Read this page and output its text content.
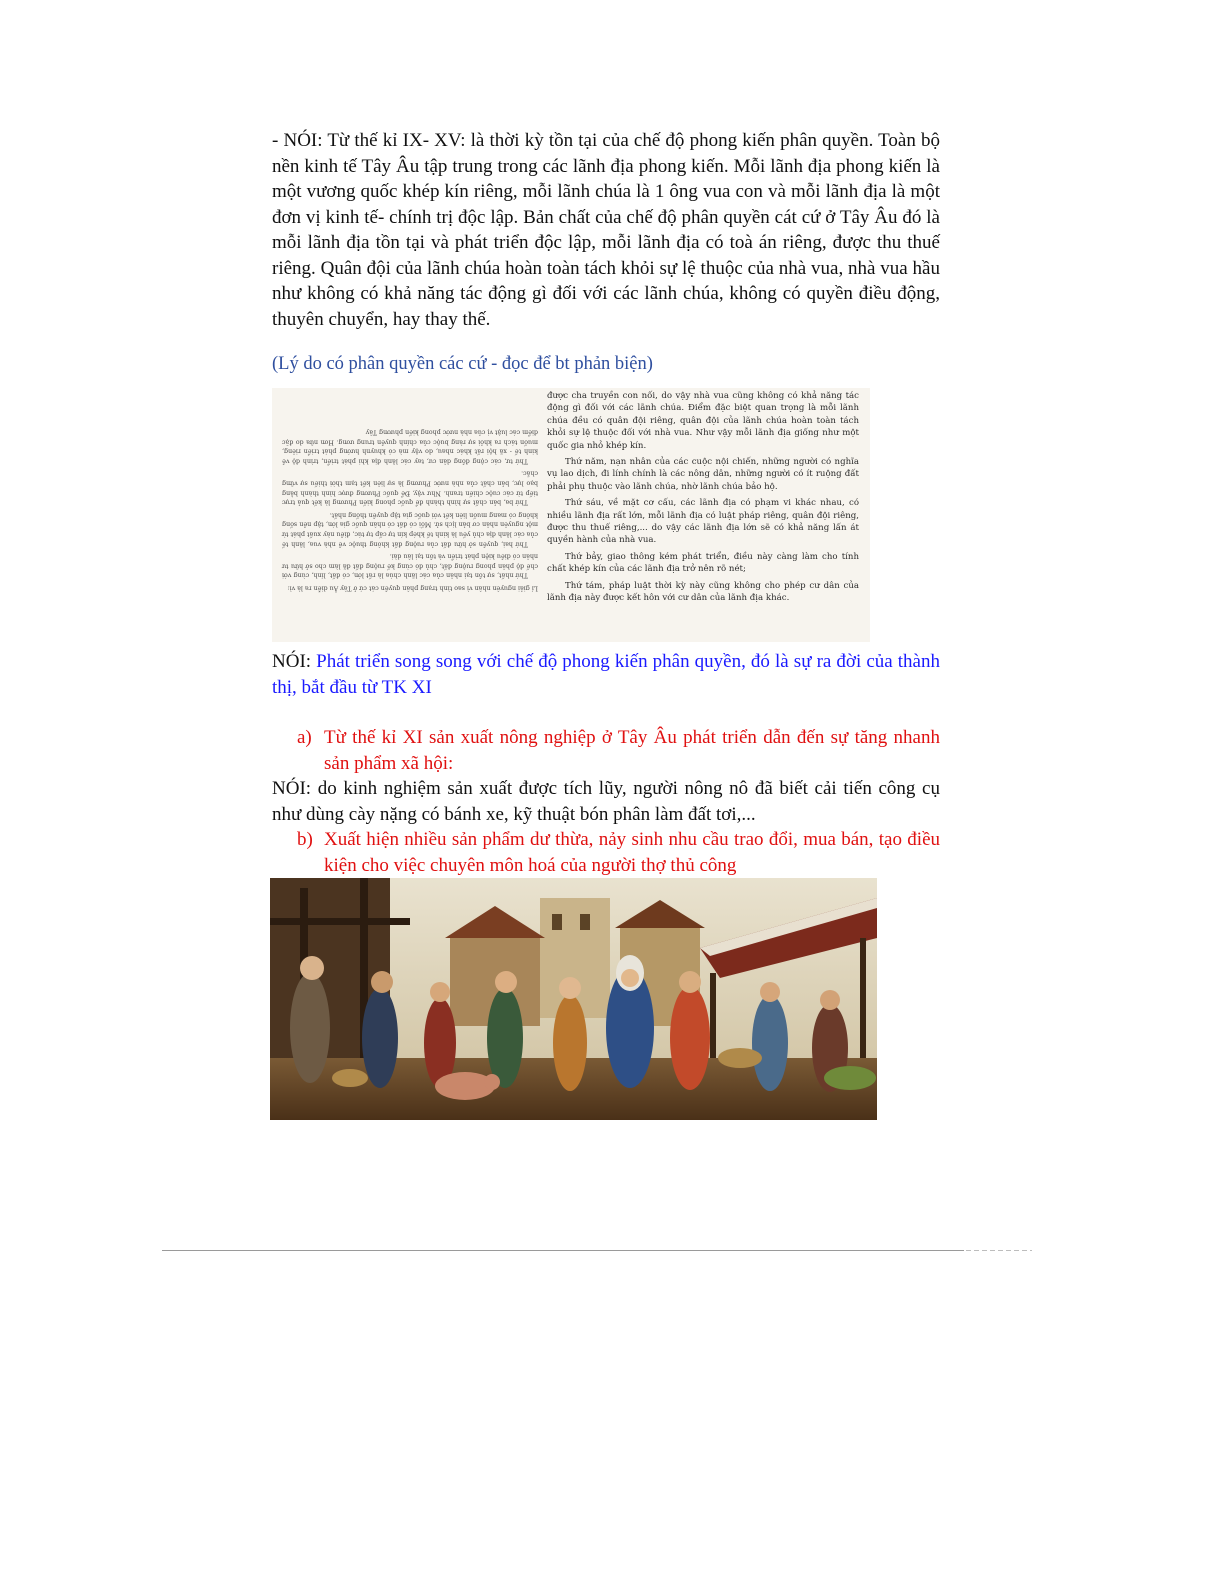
- NÓI: Từ thế kỉ IX- XV: là thời kỳ tồn tại của chế độ phong kiến phân quyền. Toàn bộ nền kinh tế Tây Âu tập trung trong các lãnh địa phong kiến. Mỗi lãnh địa phong kiến là một vương quốc khép kín riêng, mỗi lãnh chúa là 1 ông vua con và mỗi lãnh địa là một đơn vị kinh tế- chính trị độc lập. Bản chất của chế độ phân quyền cát cứ ở Tây Âu đó là mỗi lãnh địa tồn tại và phát triển độc lập, mỗi lãnh địa có toà án riêng, được thu thuế riêng. Quân đội của lãnh chúa hoàn toàn tách khỏi sự lệ thuộc của nhà vua, nhà vua hầu như không có khả năng tác động gì đối với các lãnh chúa, không có quyền điều động, thuyên chuyển, hay thay thế.
(Lý do có phân quyền các cứ - đọc để bt phản biện)

Lí giải nguyên nhân vì sao tình trạng phân quyền cát cứ ở Tây Âu diễn ra là vì:

Thứ nhất, sự tồn tại nhân của các lãnh chúa là rất lớn, có đất, lính, cùng với chế độ phân phong ruộng đất, chủ đó cùng kế ruộng đất đã làm cho sở hữu tư nhân có điều kiện phát triển và tồn tại lâu dài.

Thứ hai, quyền sở hữu đất của ruộng đất không thuộc về nhà vua, lãnh tế của các lãnh địa chủ yếu là kinh tế khép kín tự cấp tự túc, điều này xuất phát từ một nguyên nhân cơ bản lịch sử. Mối có đất có nhân quốc gia lớn, tập nền sống không có mang muốn liên kết với quốc gia tập quyền thống nhất.

Thứ ba, bản chất sự hình thành để quốc phong kiến Phương là kết quả trực tiếp từ các cuộc chiến tranh. Như vậy, Để quốc Phương được hình thành bằng bạo lực, bản chất của nhà nước Phương là sự liên kết tạm thời thiếu sự vững chắc.

Thứ tư, các cộng đồng dân cư, tay các lãnh địa khi phát triển, trình độ về kinh tế - xã hội rất khác nhau, do vậy mà có khuynh hướng phát triển riêng, muốn tách ra khỏi sự ràng buộc của chính quyền trung ương. Hơn nữa do đặc điểm các luật vị của nhà nước phong kiến phương Tây

được cha truyền con nối, do vậy nhà vua cũng không có khả năng tác động gì đối với các lãnh chúa. Điểm đặc biệt quan trọng là mỗi lãnh chúa đều có quân đội riêng, quân đội của lãnh chúa hoàn toàn tách khỏi sự lệ thuộc đối với nhà vua. Như vậy mỗi lãnh địa giống như một quốc gia nhỏ khép kín.

Thứ năm, nạn nhân của các cuộc nội chiến, những người có nghĩa vụ lao dịch, đi lính chính là các nông dân, những người có ít ruộng đất phải phụ thuộc vào lãnh chúa, nhờ lãnh chúa bảo hộ.

Thứ sáu, về mặt cơ cấu, các lãnh địa có phạm vi khác nhau, có nhiều lãnh địa rất lớn, mỗi lãnh địa có luật pháp riêng, quân đội riêng, được thu thuế riêng,... do vậy các lãnh địa lớn sẽ có khả năng lấn át quyền hành của nhà vua.

Thứ bảy, giao thông kém phát triển, điều này càng làm cho tính chất khép kín của các lãnh địa trở nên rõ nét;

Thứ tám, pháp luật thời kỳ này cũng không cho phép cư dân của lãnh địa này được kết hôn với cư dân của lãnh địa khác.

NÓI: Phát triển song song với chế độ phong kiến phân quyền, đó là sự ra đời của thành thị, bắt đầu từ TK XI
a) Từ thế kỉ XI sản xuất nông nghiệp ở Tây Âu phát triển dẫn đến sự tăng nhanh sản phẩm xã hội:
NÓI: do kinh nghiệm sản xuất được tích lũy, người nông nô đã biết cải tiến công cụ như dùng cày nặng có bánh xe, kỹ thuật bón phân làm đất tơi,...
b) Xuất hiện nhiều sản phẩm dư thừa, nảy sinh nhu cầu trao đổi, mua bán, tạo điều kiện cho việc chuyên môn hoá của người thợ thủ công
